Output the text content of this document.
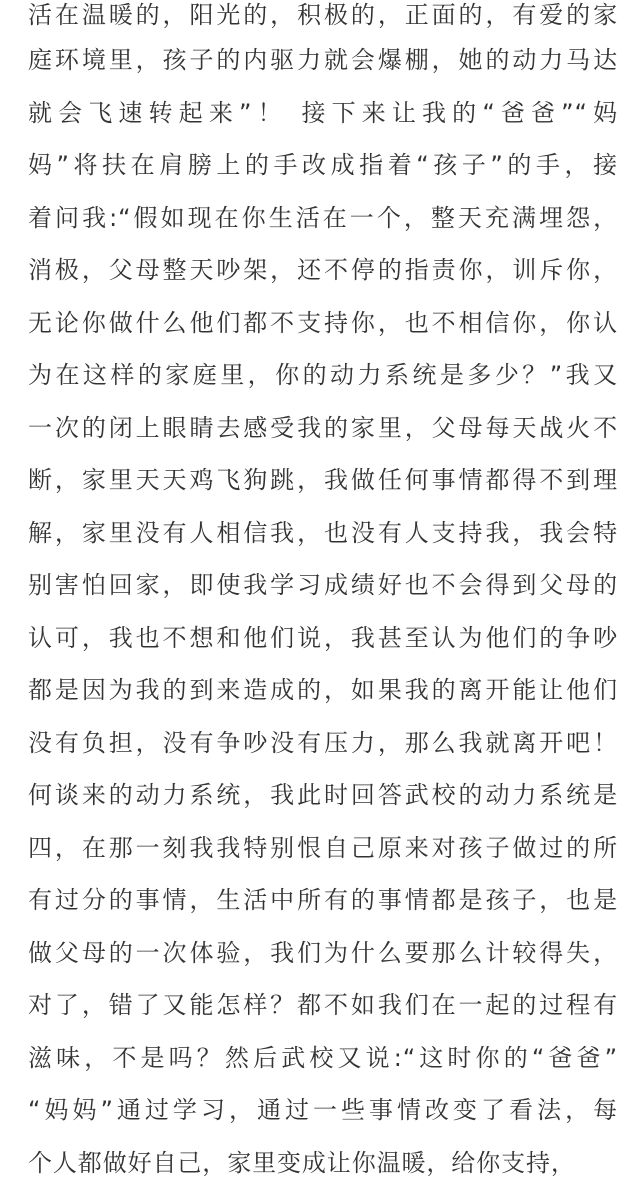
活在温暖的，阳光的，积极的，正面的，有爱的家
庭环境里，孩子的内驱力就会爆棚，她的动力马达
就会飞速转起来”！ 接下来让我的“爸爸”“妈
妈”将扶在肩膀上的手改成指着“孩子”的手，接
着问我:“假如现在你生活在一个，整天充满埋怨，
消极，父母整天吵架，还不停的指责你，训斥你，
无论你做什么他们都不支持你，也不相信你，你认
为在这样的家庭里，你的动力系统是多少？”我又
一次的闭上眼睛去感受我的家里，父母每天战火不
断，家里天天鸡飞狗跳，我做任何事情都得不到理
解，家里没有人相信我，也没有人支持我，我会特
别害怕回家，即使我学习成绩好也不会得到父母的
认可，我也不想和他们说，我甚至认为他们的争吵
都是因为我的到来造成的，如果我的离开能让他们
没有负担，没有争吵没有压力，那么我就离开吧！
何谈来的动力系统，我此时回答武校的动力系统是
四，在那一刻我我特别恨自己原来对孩子做过的所
有过分的事情，生活中所有的事情都是孩子，也是
做父母的一次体验，我们为什么要那么计较得失，
对了，错了又能怎样？都不如我们在一起的过程有
滋味，不是吗？然后武校又说:“这时你的“爸爸”
“妈妈”通过学习，通过一些事情改变了看法，每
个人都做好自己，家里变成让你温暖，给你支持，
